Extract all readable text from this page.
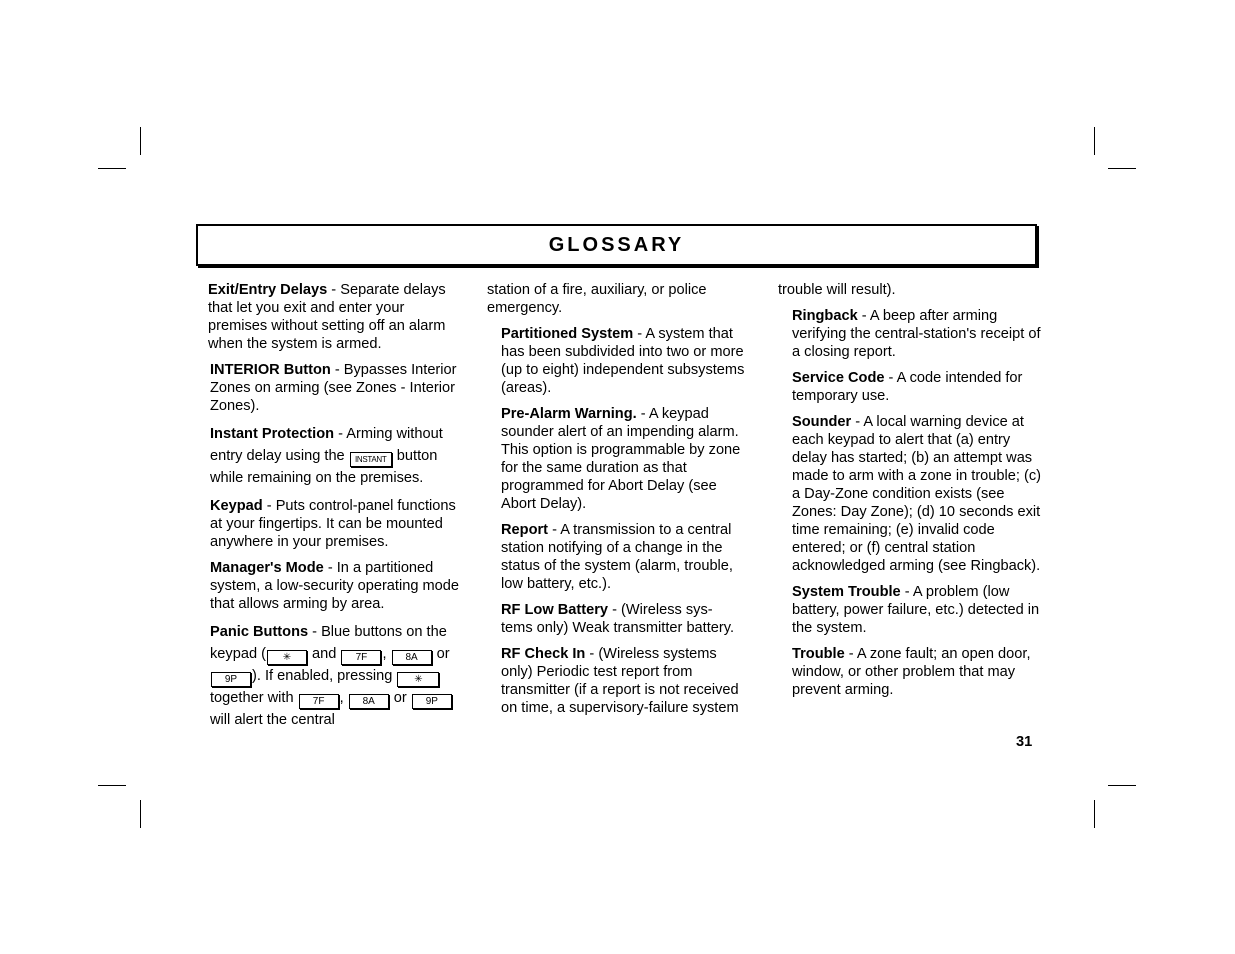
GLOSSARY

Exit/Entry Delays - Separate delays that let you exit and enter your premises without setting off an alarm when the system is armed.

INTERIOR Button - Bypasses Interior Zones on arming (see Zones - Interior Zones).

Instant Protection - Arming without entry delay using the INSTANT button while remaining on the premises.

Keypad - Puts control-panel functions at your fingertips. It can be mounted anywhere in your premises.

Manager's Mode - In a partitioned system, a low-security operating mode that allows arming by area.

Panic Buttons - Blue buttons on the keypad ( ✳ and 7F , 8A or 9P ). If enabled, pressing ✳ together with 7F , 8A or 9P will alert the central

station of a fire, auxiliary, or police emergency.

Partitioned System - A system that has been subdivided into two or more (up to eight) independent subsystems (areas).

Pre-Alarm Warning. - A keypad sounder alert of an impending alarm. This option is programmable by zone for the same duration as that programmed for Abort Delay (see Abort Delay).

Report - A transmission to a central station notifying of a change in the status of the system (alarm, trouble, low battery, etc.).

RF Low Battery - (Wireless sys-
tems only) Weak transmitter battery.

RF Check In - (Wireless systems only) Periodic test report from transmitter (if a report is not received on time, a supervisory-failure system

trouble will result).

Ringback - A beep after arming verifying the central-station's receipt of a closing report.

Service Code - A code intended for temporary use.

Sounder - A local warning device at each keypad to alert that (a) entry delay has started; (b) an attempt was made to arm with a zone in trouble; (c) a Day-Zone condition exists (see Zones: Day Zone); (d) 10 seconds exit time remaining; (e) invalid code entered; or (f) central station acknowledged arming (see Ringback).

System Trouble - A problem (low battery, power failure, etc.) detected in the system.

Trouble - A zone fault; an open door, window, or other problem that may prevent arming.

31
